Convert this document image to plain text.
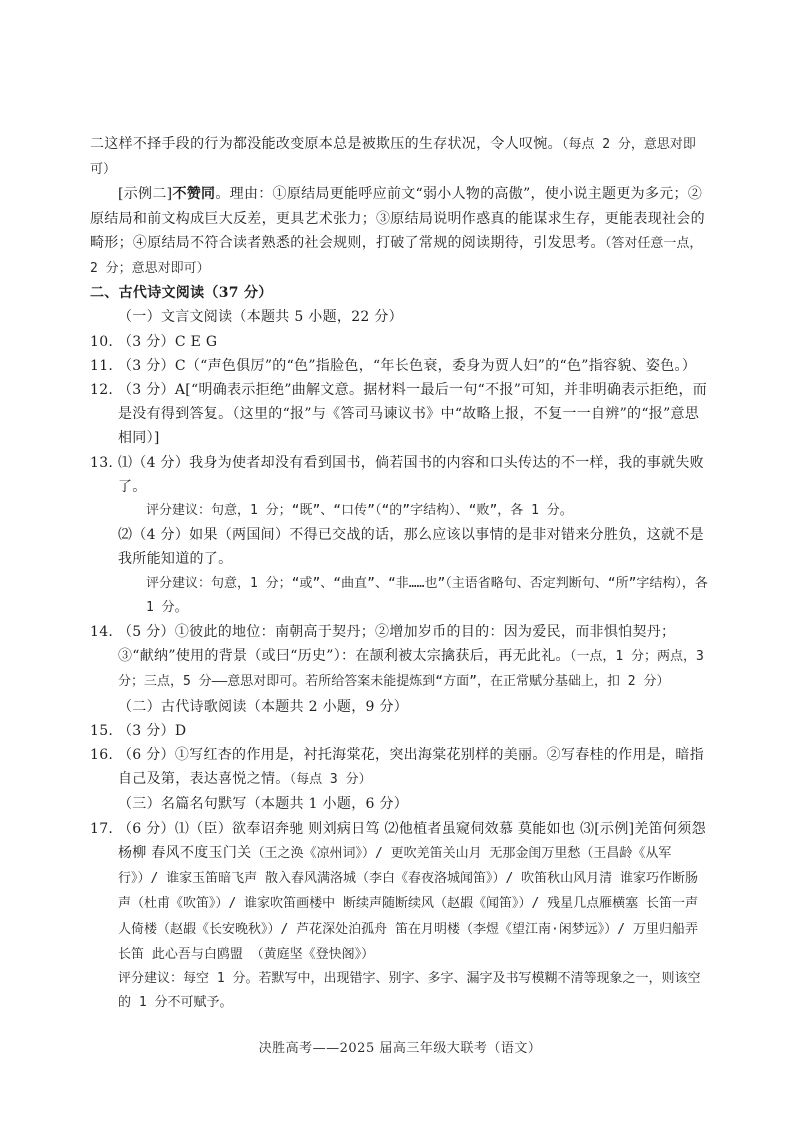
二这样不择手段的行为都没能改变原本总是被欺压的生存状况，令人叹惋。（每点 2 分，意思对即可）

[示例二]不赞同。理由：①原结局更能呼应前文“弱小人物的高傲”，使小说主题更为多元；②原结局和前文构成巨大反差，更具艺术张力；③原结局说明作惑真的能谋求生存，更能表现社会的畸形；④原结局不符合读者熟悉的社会规则，打破了常规的阅读期待，引发思考。（答对任意一点，2 分；意思对即可）

二、古代诗文阅读（37 分）

（一）文言文阅读（本题共 5 小题，22 分）

10. （3 分）C E G
11. （3 分）C（“声色俱厉”的“色”指脸色，“年长色衰，委身为贾人妇”的“色”指容貌、姿色。）
12. （3 分）A[“明确表示拒绝”曲解文意。据材料一最后一句“不报”可知，并非明确表示拒绝，而是没有得到答复。（这里的“报”与《答司马谏议书》中“故略上报，不复一一自辨”的“报”意思相同）]
13. ⑴（4 分）我身为使者却没有看到国书，倘若国书的内容和口头传达的不一样，我的事就失败了。
评分建议：句意，1 分；“既”、“口传”（“的”字结构）、“败”，各 1 分。
⑵（4 分）如果（两国间）不得已交战的话，那么应该以事情的是非对错来分胜负，这就不是我所能知道的了。
评分建议：句意，1 分；“或”、“曲直”、“非……也”（主语省略句、否定判断句、“所”字结构），各 1 分。
14. （5 分）①彼此的地位：南朝高于契丹；②增加岁币的目的：因为爱民，而非惧怕契丹；③“献纳”使用的背景（或曰“历史”）：在颉利被太宗擒获后，再无此礼。（一点，1 分；两点，3 分；三点，5 分——意思对即可。若所给答案未能提炼到“方面”，在正常赋分基础上，扣 2 分）

（二）古代诗歌阅读（本题共 2 小题，9 分）

15. （3 分）D
16. （6 分）①写红杏的作用是，衬托海棠花，突出海棠花别样的美丽。②写春桂的作用是，暗指自己及第，表达喜悦之情。（每点 3 分）

（三）名篇名句默写（本题共 1 小题，6 分）

17. （6 分）⑴（臣）欲奉诏奔驰 则刘病日笃 ⑵他植者虽窥伺效慕 莫能如也 ⑶[示例]羌笛何须怨杨柳 春风不度玉门关（王之涣《凉州词》）/ 更吹羌笛关山月 无那金闺万里愁（王昌龄《从军行》）/ 谁家玉笛暗飞声 散入春风满洛城（李白《春夜洛城闻笛》）/ 吹笛秋山风月清 谁家巧作断肠声（杜甫《吹笛》）/ 谁家吹笛画楼中 断续声随断续风（赵嘏《闻笛》）/ 残星几点雁横塞 长笛一声人倚楼（赵嘏《长安晚秋》）/ 芦花深处泊孤舟 笛在月明楼（李煜《望江南·闲梦远》）/ 万里归船弄长笛 此心吾与白鸥盟 （黄庭坚《登快阁》）
评分建议：每空 1 分。若默写中，出现错字、别字、多字、漏字及书写模糊不清等现象之一，则该空的 1 分不可赋予。
决胜高考——2025 届高三年级大联考（语文）
